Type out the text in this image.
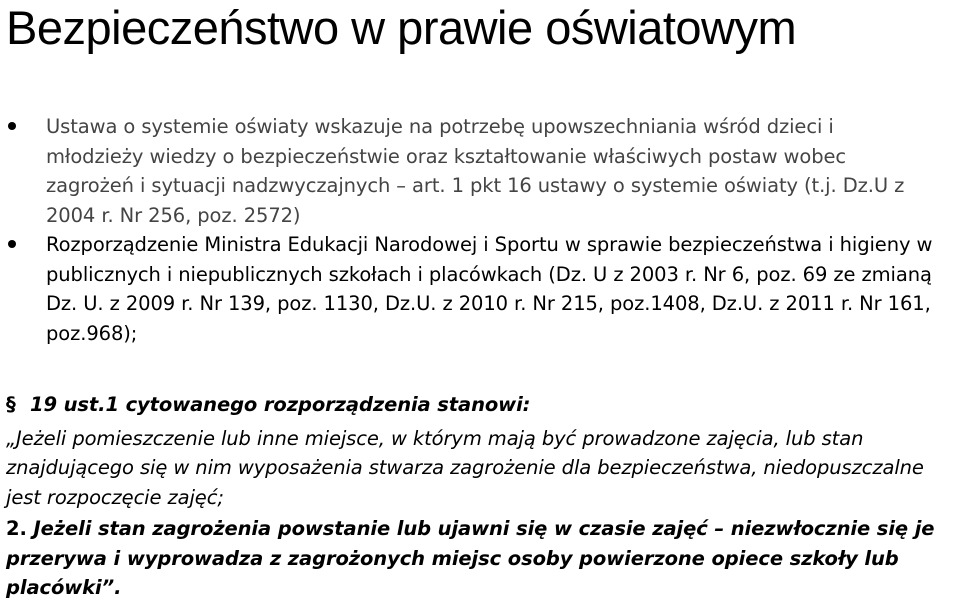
Bezpieczeństwo w prawie oświatowym
Ustawa o systemie oświaty wskazuje na potrzebę upowszechniania wśród dzieci i młodzieży wiedzy o bezpieczeństwie oraz kształtowanie właściwych postaw wobec zagrożeń i sytuacji nadzwyczajnych – art. 1 pkt 16 ustawy o systemie oświaty (t.j. Dz.U z 2004 r. Nr 256, poz. 2572)
Rozporządzenie Ministra Edukacji Narodowej i Sportu w sprawie bezpieczeństwa i higieny w publicznych i niepublicznych szkołach i placówkach (Dz. U z 2003 r. Nr 6, poz. 69 ze zmianą Dz. U. z 2009 r. Nr 139, poz. 1130, Dz.U. z 2010 r. Nr 215, poz.1408, Dz.U. z 2011 r. Nr 161, poz.968);
§ 19 ust.1 cytowanego rozporządzenia stanowi:
„Jeżeli pomieszczenie lub inne miejsce, w którym mają być prowadzone zajęcia, lub stan znajdującego się w nim wyposażenia stwarza zagrożenie dla bezpieczeństwa, niedopuszczalne jest rozpoczęcie zajęć;
2. Jeżeli stan zagrożenia powstanie lub ujawni się w czasie zajęć – niezwłocznie się je przerywa i wyprowadza z zagrożonych miejsc osoby powierzone opiece szkoły lub placówki”.
